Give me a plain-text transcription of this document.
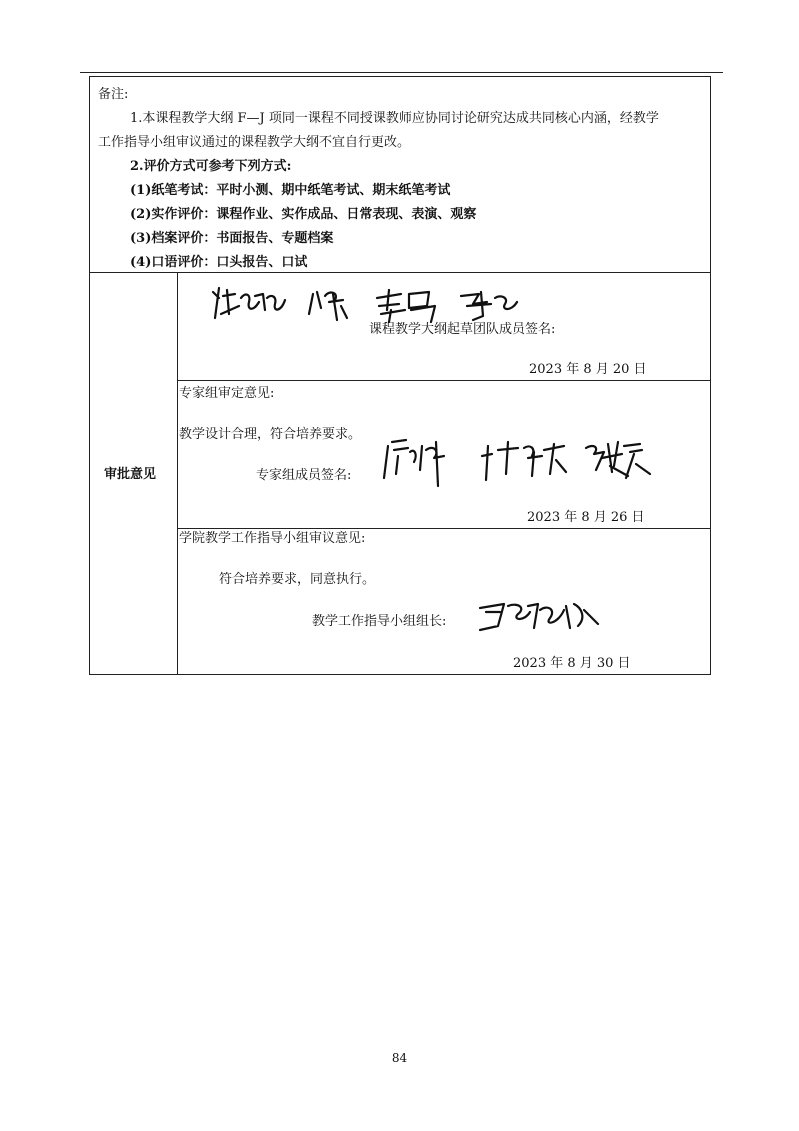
备注:
1.本课程教学大纲 F—J 项同一课程不同授课教师应协同讨论研究达成共同核心内涵，经教学
工作指导小组审议通过的课程教学大纲不宜自行更改。
2.评价方式可参考下列方式:
(1)纸笔考试：平时小测、期中纸笔考试、期末纸笔考试
(2)实作评价：课程作业、实作成品、日常表现、表演、观察
(3)档案评价：书面报告、专题档案
(4)口语评价：口头报告、口试
审批意见
课程教学大纲起草团队成员签名:
2023 年 8 月 20 日
专家组审定意见:
教学设计合理，符合培养要求。
专家组成员签名:
2023 年 8 月 26 日
学院教学工作指导小组审议意见:
符合培养要求，同意执行。
教学工作指导小组组长:
2023 年 8 月 30 日
84
